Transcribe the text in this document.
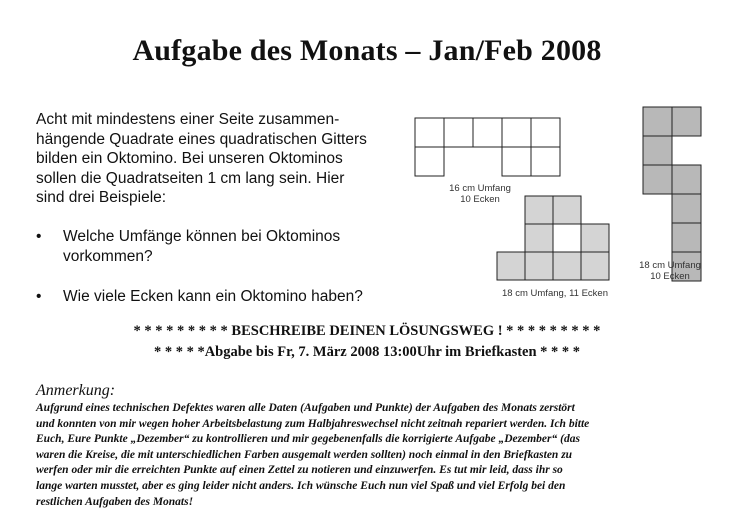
Aufgabe des Monats – Jan/Feb 2008
Acht mit mindestens einer Seite zusammen-
hängende Quadrate eines quadratischen Gitters
bilden ein Oktomino. Bei unseren Oktominos
sollen die Quadratseiten 1 cm lang sein. Hier
sind drei Beispiele:
• Welche Umfänge können bei Oktominos
vorkommen?
• Wie viele Ecken kann ein Oktomino haben?
16 cm Umfang
10 Ecken
18 cm Umfang, 11 Ecken
18 cm Umfang
10 Ecken
* * * * * * * * * BESCHREIBE DEINEN LÖSUNGSWEG ! * * * * * * * * *
* * * * *Abgabe bis Fr, 7. März 2008 13:00Uhr im Briefkasten * * * *
Anmerkung:
Aufgrund eines technischen Defektes waren alle Daten (Aufgaben und Punkte) der Aufgaben des Monats zerstört
und konnten von mir wegen hoher Arbeitsbelastung zum Halbjahreswechsel nicht zeitnah repariert werden. Ich bitte
Euch, Eure Punkte „Dezember“ zu kontrollieren und mir gegebenenfalls die korrigierte Aufgabe „Dezember“ (das
waren die Kreise, die mit unterschiedlichen Farben ausgemalt werden sollten) noch einmal in den Briefkasten zu
werfen oder mir die erreichten Punkte auf einen Zettel zu notieren und einzuwerfen. Es tut mir leid, dass ihr so
lange warten musstet, aber es ging leider nicht anders. Ich wünsche Euch nun viel Spaß und viel Erfolg bei den
restlichen Aufgaben des Monats!
